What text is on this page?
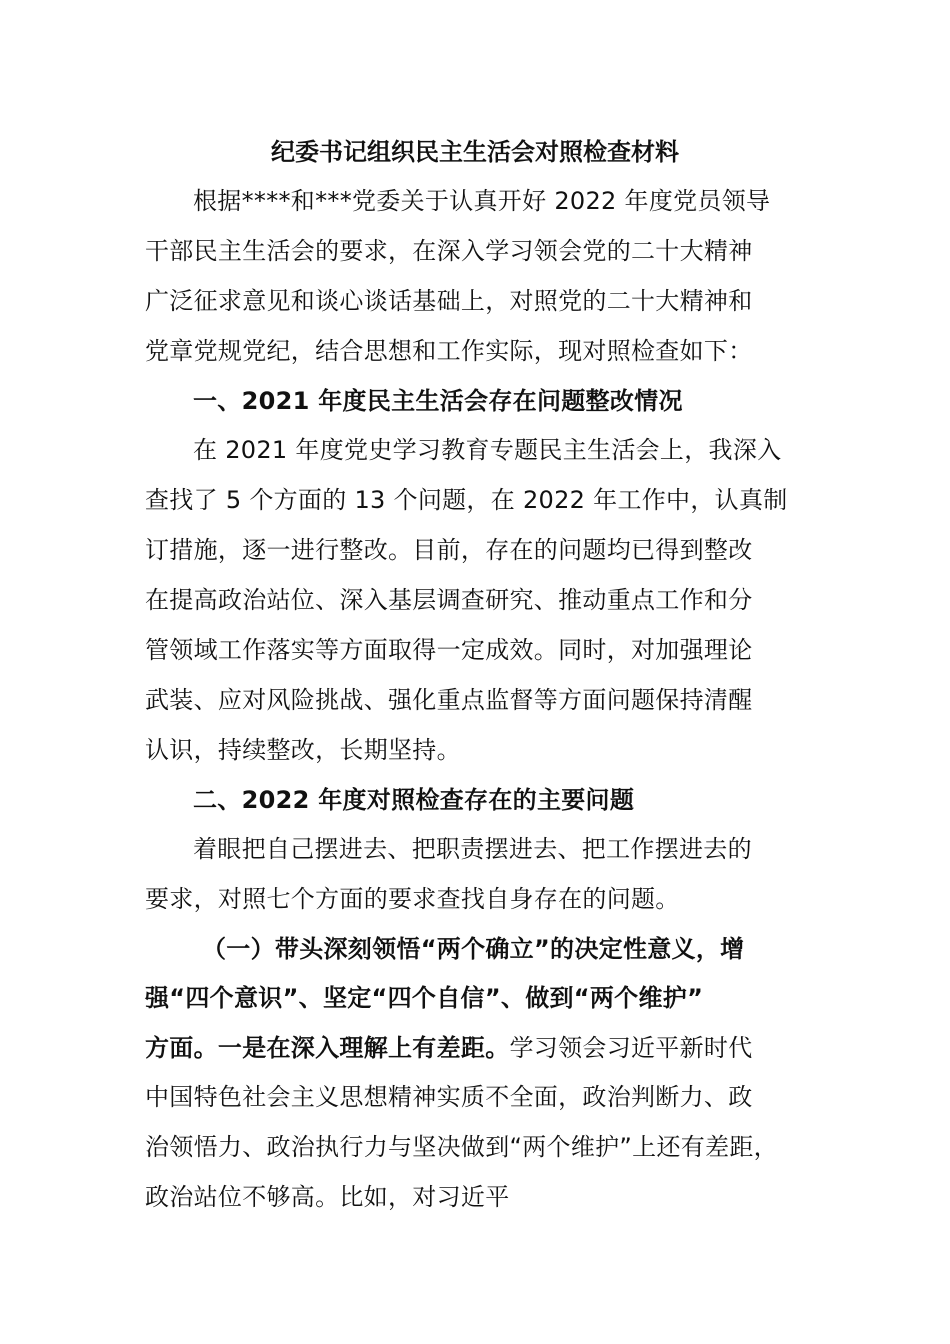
纪委书记组织民主生活会对照检查材料

根据****和***党委关于认真开好 2022 年度党员领导

干部民主生活会的要求，在深入学习领会党的二十大精神

广泛征求意见和谈心谈话基础上，对照党的二十大精神和

党章党规党纪，结合思想和工作实际，现对照检查如下：

一、2021 年度民主生活会存在问题整改情况

在 2021 年度党史学习教育专题民主生活会上，我深入

查找了 5 个方面的 13 个问题，在 2022 年工作中，认真制

订措施，逐一进行整改。目前，存在的问题均已得到整改

在提高政治站位、深入基层调查研究、推动重点工作和分

管领域工作落实等方面取得一定成效。同时，对加强理论

武装、应对风险挑战、强化重点监督等方面问题保持清醒

认识，持续整改，长期坚持。

二、2022 年度对照检查存在的主要问题

着眼把自己摆进去、把职责摆进去、把工作摆进去的

要求，对照七个方面的要求查找自身存在的问题。

（一）带头深刻领悟“两个确立”的决定性意义，增

强“四个意识”、坚定“四个自信”、做到“两个维护”

方面。一是在深入理解上有差距。学习领会习近平新时代

中国特色社会主义思想精神实质不全面，政治判断力、政

治领悟力、政治执行力与坚决做到“两个维护”上还有差距，

政治站位不够高。比如，对习近平
